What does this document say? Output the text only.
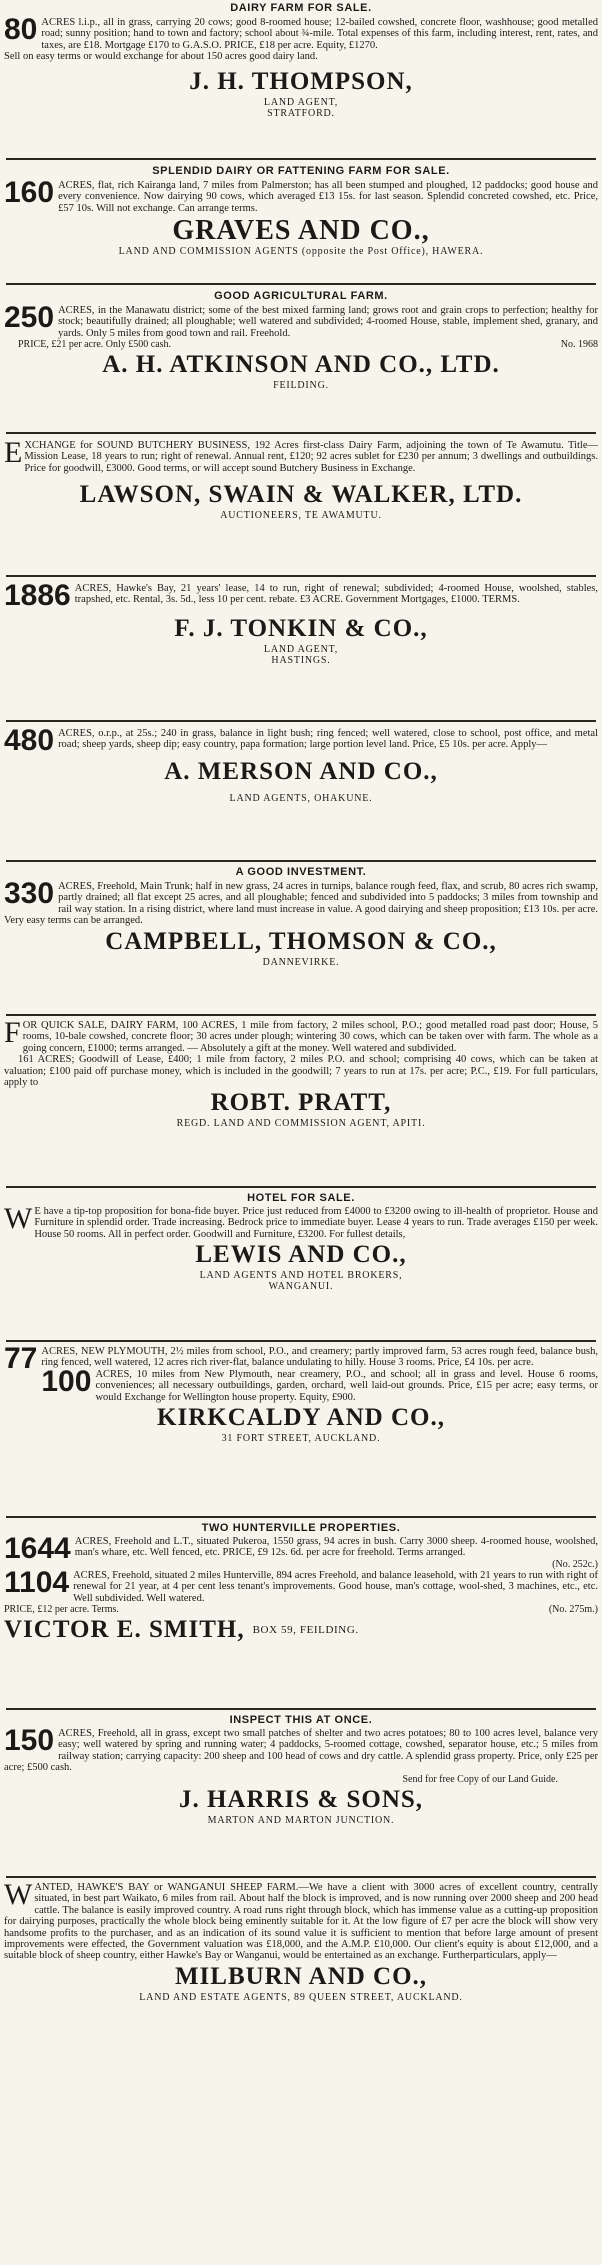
DAIRY FARM FOR SALE.
80 ACRES l.i.p., all in grass, carrying 20 cows; good 8-roomed house; 12-bailed cowshed, concrete floor, washhouse; good metalled road; sunny position; hand to town and factory; school about ¾-mile. Total expenses of this farm, including interest, rent, rates, and taxes, are £18. Mortgage £170 to G.A.S.O. PRICE, £18 per acre. Equity, £1270.
Sell on easy terms or would exchange for about 150 acres good dairy land.
J. H. THOMPSON,
LAND AGENT,
STRATFORD.
SPLENDID DAIRY OR FATTENING FARM FOR SALE.
160 ACRES, flat, rich Kairanga land, 7 miles from Palmerston; has all been stumped and ploughed, 12 paddocks; good house and every convenience. Now dairying 90 cows, which averaged £13 15s. for last season. Splendid concreted cowshed, etc. Price, £57 10s. Will not exchange. Can arrange terms.
GRAVES AND CO.,
LAND AND COMMISSION AGENTS (opposite the Post Office), HAWERA.
GOOD AGRICULTURAL FARM.
250 ACRES, in the Manawatu district; some of the best mixed farming land; grows root and grain crops to perfection; healthy for stock; beautifully drained; all ploughable; well watered and subdivided; 4-roomed House, stable, implement shed, granary, and yards. Only 5 miles from good town and rail. Freehold.
PRICE, £21 per acre. Only £500 cash.	No. 1968
A. H. ATKINSON AND CO., LTD.
FEILDING.
E XCHANGE for SOUND BUTCHERY BUSINESS, 192 Acres first-class Dairy Farm, adjoining the town of Te Awamutu. Title—Mission Lease, 18 years to run; right of renewal. Annual rent, £120; 92 acres sublet for £230 per annum; 3 dwellings and outbuildings. Price for goodwill, £3000. Good terms, or will accept sound Butchery Business in Exchange.
LAWSON, SWAIN & WALKER, LTD.
AUCTIONEERS, TE AWAMUTU.
1886 ACRES, Hawke's Bay, 21 years' lease, 14 to run, right of renewal; subdivided; 4-roomed House, woolshed, stables, trapshed, etc. Rental, 3s. 5d., less 10 per cent. rebate. £3 ACRE. Government Mortgages, £1000. TERMS.
F. J. TONKIN & CO.,
LAND AGENT,
HASTINGS.
480 ACRES, o.r.p., at 25s.; 240 in grass, balance in light bush; ring fenced; well watered, close to school, post office, and metal road; sheep yards, sheep dip; easy country, papa formation; large portion level land. Price, £5 10s. per acre. Apply—
A. MERSON AND CO.,
LAND AGENTS, OHAKUNE.
A GOOD INVESTMENT.
330 ACRES, Freehold, Main Trunk; half in new grass, 24 acres in turnips, balance rough feed, flax, and scrub, 80 acres rich swamp, partly drained; all flat except 25 acres, and all ploughable; fenced and subdivided into 5 paddocks; 3 miles from township and rail way station. In a rising district, where land must increase in value. A good dairying and sheep proposition; £13 10s. per acre. Very easy terms can be arranged.
CAMPBELL, THOMSON & CO.,
DANNEVIRKE.
F OR QUICK SALE, DAIRY FARM, 100 ACRES, 1 mile from factory, 2 miles school, P.O.; good metalled road past door; House, 5 rooms, 10-bale cowshed, concrete floor; 30 acres under plough; wintering 30 cows, which can be taken over with farm. The whole as a going concern, £1000; terms arranged. — Absolutely a gift at the money. Well watered and subdivided.
161 ACRES; Goodwill of Lease, £400; 1 mile from factory, 2 miles P.O. and school; comprising 40 cows, which can be taken at valuation; £100 paid off purchase money, which is included in the goodwill; 7 years to run at 17s. per acre; P.C., £19. For full particulars, apply to
ROBT. PRATT,
REGD. LAND AND COMMISSION AGENT, APITI.
HOTEL FOR SALE.
W E have a tip-top proposition for bona-fide buyer. Price just reduced from £4000 to £3200 owing to ill-health of proprietor. House and Furniture in splendid order. Trade increasing. Bedrock price to immediate buyer. Lease 4 years to run. Trade averages £150 per week. House 50 rooms. All in perfect order. Goodwill and Furniture, £3200. For fullest details,
LEWIS AND CO.,
LAND AGENTS AND HOTEL BROKERS,
WANGANUI.
77 ACRES, NEW PLYMOUTH, 2½ miles from school, P.O., and creamery; partly improved farm, 53 acres rough feed, balance bush, ring fenced, well watered, 12 acres rich river-flat, balance undulating to hilly. House 3 rooms. Price, £4 10s. per acre.
100 ACRES, 10 miles from New Plymouth, near creamery, P.O., and school; all in grass and level. House 6 rooms, conveniences; all necessary outbuildings, garden, orchard, well laid-out grounds. Price, £15 per acre; easy terms, or would Exchange for Wellington house property. Equity, £900.
KIRKCALDY AND CO.,
31 FORT STREET, AUCKLAND.
TWO HUNTERVILLE PROPERTIES.
1644 ACRES, Freehold and L.T., situated Pukeroa, 1550 grass, 94 acres in bush. Carry 3000 sheep. 4-roomed house, woolshed, man's whare, etc. Well fenced, etc. PRICE, £9 12s. 6d. per acre for freehold. Terms arranged.
(No. 252c.)
1104 ACRES, Freehold, situated 2 miles Hunterville, 894 acres Freehold, and balance leasehold, with 21 years to run with right of renewal for 21 year, at 4 per cent less tenant's improvements. Good house, man's cottage, wool-shed, 3 machines, etc., etc. Well subdivided. Well watered.
PRICE, £12 per acre. Terms.	(No. 275m.)
VICTOR E. SMITH, BOX 59, FEILDING.
INSPECT THIS AT ONCE.
150 ACRES, Freehold, all in grass, except two small patches of shelter and two acres potatoes; 80 to 100 acres level, balance very easy; well watered by spring and running water; 4 paddocks, 5-roomed cottage, cowshed, separator house, etc.; 5 miles from railway station; carrying capacity: 200 sheep and 100 head of cows and dry cattle. A splendid grass property. Price, only £25 per acre; £500 cash.
Send for free Copy of our Land Guide.
J. HARRIS & SONS,
MARTON AND MARTON JUNCTION.
W ANTED, HAWKE'S BAY or WANGANUI SHEEP FARM.—We have a client with 3000 acres of excellent country, centrally situated, in best part Waikato, 6 miles from rail. About half the block is improved, and is now running over 2000 sheep and 200 head cattle. The balance is easily improved country. A road runs right through block, which has immense value as a cutting-up proposition for dairying purposes, practically the whole block being eminently suitable for it. At the low figure of £7 per acre the block will show very handsome profits to the purchaser, and as an indication of its sound value it is sufficient to mention that before large amount of present improvements were effected, the Government valuation was £18,000, and the A.M.P. £10,000. Our client's equity is about £12,000, and a suitable block of sheep country, either Hawke's Bay or Wanganui, would be entertained as an exchange. Furtherparticulars, apply—
MILBURN AND CO.,
LAND AND ESTATE AGENTS, 89 QUEEN STREET, AUCKLAND.
